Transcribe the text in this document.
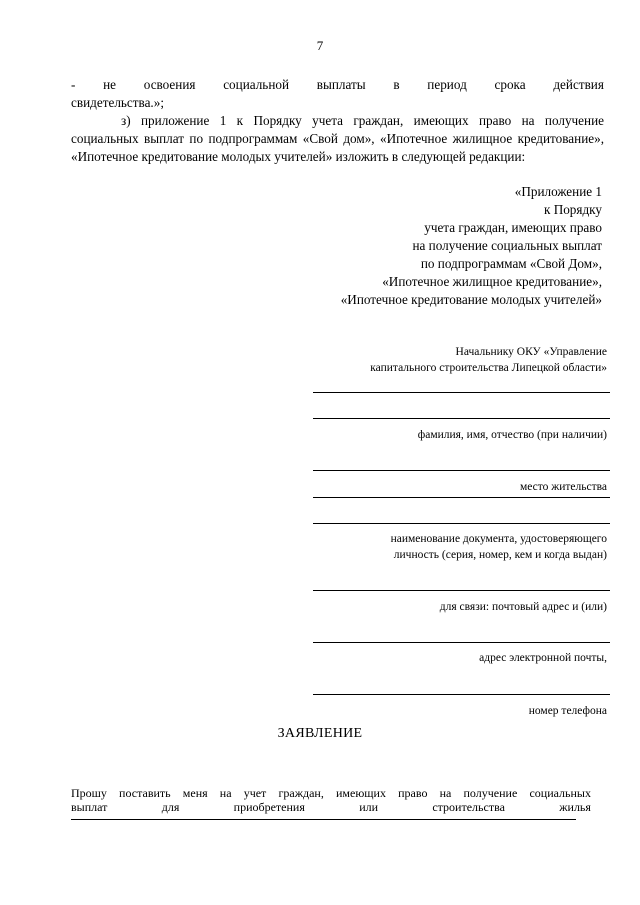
7
- не освоения социальной выплаты в период срока действия
свидетельства.»;
з) приложение 1 к Порядку учета граждан, имеющих право на получение социальных выплат по подпрограммам «Свой дом», «Ипотечное жилищное кредитование», «Ипотечное кредитование молодых учителей» изложить в следующей редакции:
«Приложение 1
к Порядку
учета граждан, имеющих право
на получение социальных выплат
по подпрограммам «Свой Дом»,
«Ипотечное жилищное кредитование»,
«Ипотечное кредитование молодых учителей»
Начальнику ОКУ «Управление
капитального строительства Липецкой области»
фамилия, имя, отчество (при наличии)
место жительства
наименование документа, удостоверяющего
личность (серия, номер, кем и когда выдан)
для связи: почтовый адрес и (или)
адрес электронной почты,
номер телефона
ЗАЯВЛЕНИЕ
Прошу поставить меня на учет граждан, имеющих право на получение социальных
выплат	для	приобретения	или	строительства	жилья
